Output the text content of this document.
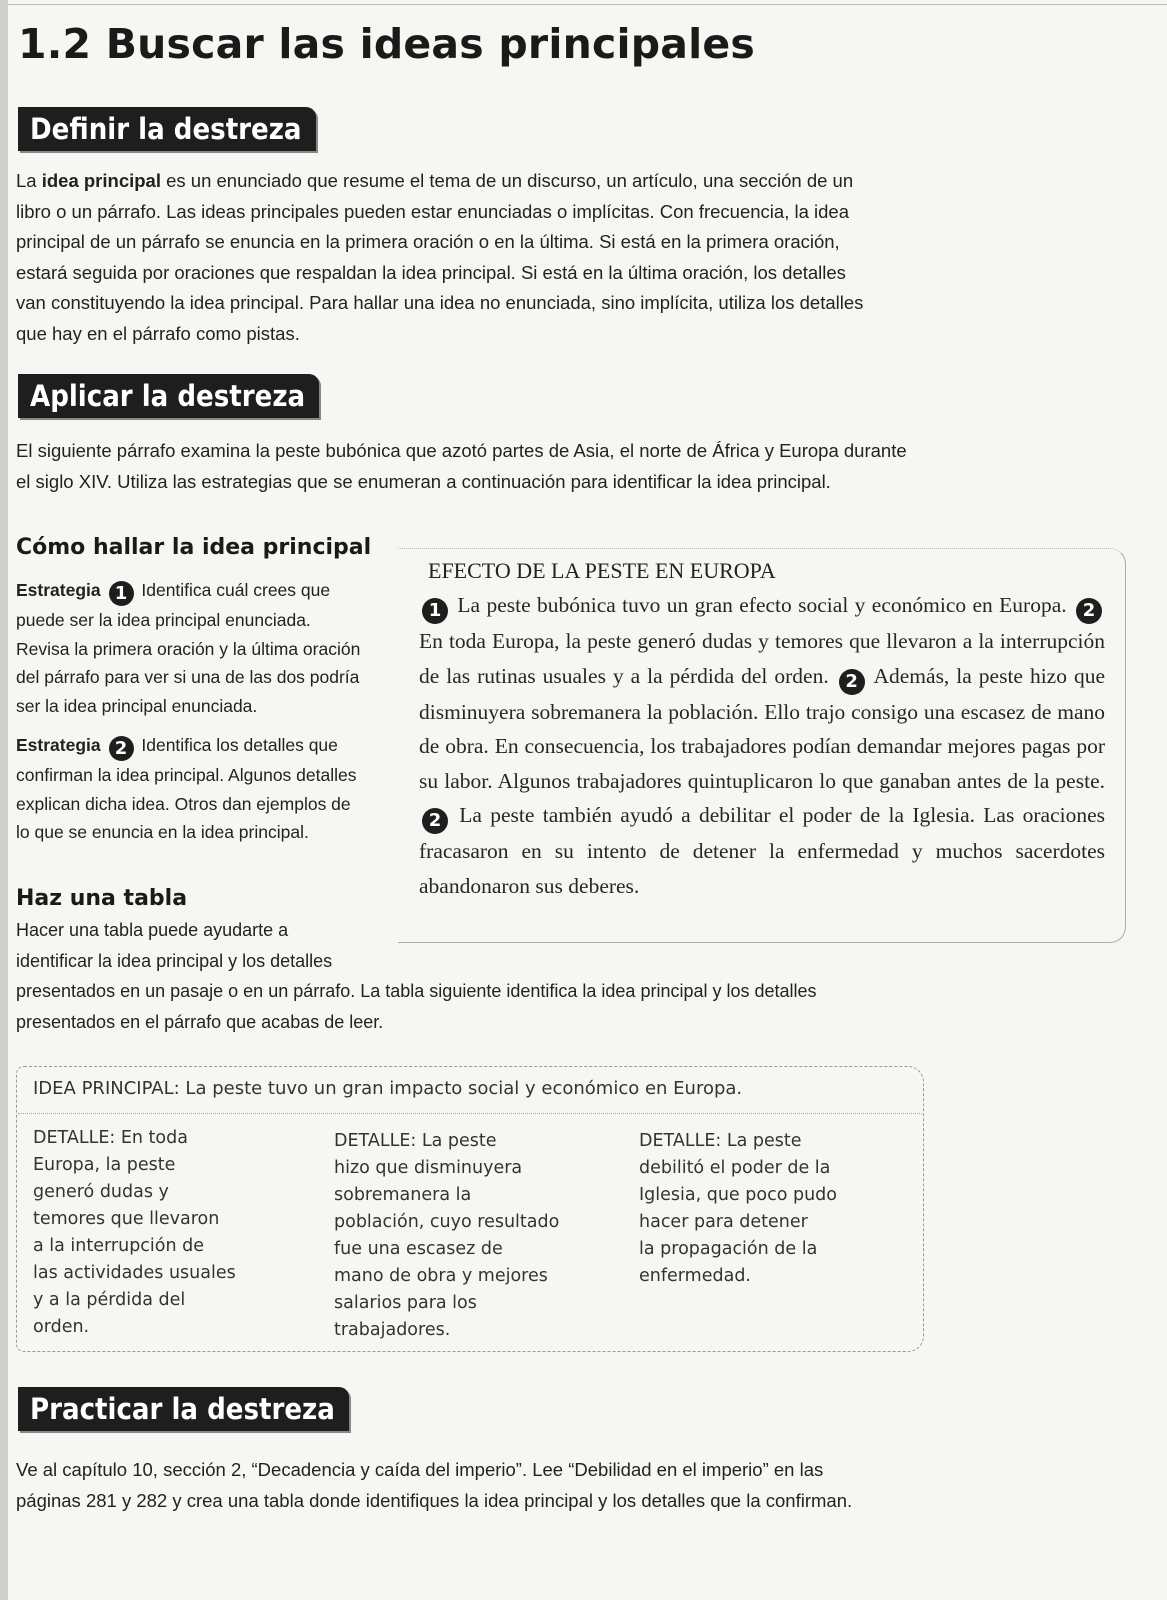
1.2 Buscar las ideas principales
Definir la destreza

La idea principal es un enunciado que resume el tema de un discurso, un artículo, una sección de un
libro o un párrafo. Las ideas principales pueden estar enunciadas o implícitas. Con frecuencia, la idea
principal de un párrafo se enuncia en la primera oración o en la última. Si está en la primera oración,
estará seguida por oraciones que respaldan la idea principal. Si está en la última oración, los detalles
van constituyendo la idea principal. Para hallar una idea no enunciada, sino implícita, utiliza los detalles
que hay en el párrafo como pistas.

Aplicar la destreza

El siguiente párrafo examina la peste bubónica que azotó partes de Asia, el norte de África y Europa durante
el siglo XIV. Utiliza las estrategias que se enumeran a continuación para identificar la idea principal.

Cómo hallar la idea principal

Estrategia 1 Identifica cuál crees que
puede ser la idea principal enunciada.
Revisa la primera oración y la última oración
del párrafo para ver si una de las dos podría
ser la idea principal enunciada.

Estrategia 2 Identifica los detalles que
confirman la idea principal. Algunos detalles
explican dicha idea. Otros dan ejemplos de
lo que se enuncia en la idea principal.

EFECTO DE LA PESTE EN EUROPA

1 La peste bubónica tuvo un gran efecto social y económico en Europa. 2 En toda Europa, la peste generó dudas y temores que llevaron a la interrupción de las rutinas usuales y a la pérdida del orden. 2 Además, la peste hizo que disminuyera sobremanera la población. Ello trajo consigo una escasez de mano de obra. En consecuencia, los trabajadores podían demandar mejores pagas por su labor. Algunos trabajadores quintuplicaron lo que ganaban antes de la peste. 2 La peste también ayudó a debilitar el poder de la Iglesia. Las oraciones fracasaron en su intento de detener la enfermedad y muchos sacerdotes abandonaron sus deberes.

Haz una tabla

Hacer una tabla puede ayudarte a
identificar la idea principal y los detalles
presentados en un pasaje o en un párrafo. La tabla siguiente identifica la idea principal y los detalles
presentados en el párrafo que acabas de leer.

IDEA PRINCIPAL: La peste tuvo un gran impacto social y económico en Europa.

DETALLE: En toda
Europa, la peste
generó dudas y
temores que llevaron
a la interrupción de
las actividades usuales
y a la pérdida del
orden.

DETALLE: La peste
hizo que disminuyera
sobremanera la
población, cuyo resultado
fue una escasez de
mano de obra y mejores
salarios para los
trabajadores.

DETALLE: La peste
debilitó el poder de la
Iglesia, que poco pudo
hacer para detener
la propagación de la
enfermedad.

Practicar la destreza

Ve al capítulo 10, sección 2, “Decadencia y caída del imperio”. Lee “Debilidad en el imperio” en las
páginas 281 y 282 y crea una tabla donde identifiques la idea principal y los detalles que la confirman.
